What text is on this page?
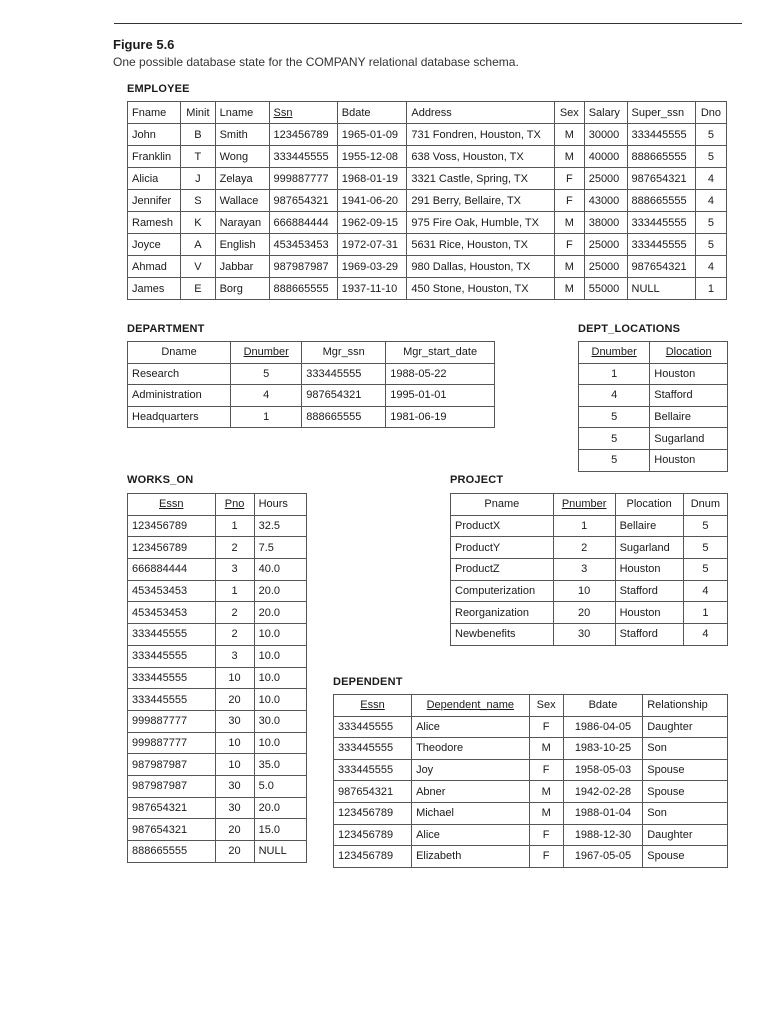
Figure 5.6
One possible database state for the COMPANY relational database schema.
EMPLOYEE
Fname	Minit	Lname	Ssn	Bdate	Address	Sex	Salary	Super_ssn	Dno
John	B	Smith	123456789	1965-01-09	731 Fondren, Houston, TX	M	30000	333445555	5
Franklin	T	Wong	333445555	1955-12-08	638 Voss, Houston, TX	M	40000	888665555	5
Alicia	J	Zelaya	999887777	1968-01-19	3321 Castle, Spring, TX	F	25000	987654321	4
Jennifer	S	Wallace	987654321	1941-06-20	291 Berry, Bellaire, TX	F	43000	888665555	4
Ramesh	K	Narayan	666884444	1962-09-15	975 Fire Oak, Humble, TX	M	38000	333445555	5
Joyce	A	English	453453453	1972-07-31	5631 Rice, Houston, TX	F	25000	333445555	5
Ahmad	V	Jabbar	987987987	1969-03-29	980 Dallas, Houston, TX	M	25000	987654321	4
James	E	Borg	888665555	1937-11-10	450 Stone, Houston, TX	M	55000	NULL	1
DEPARTMENT
Dname	Dnumber	Mgr_ssn	Mgr_start_date
Research	5	333445555	1988-05-22
Administration	4	987654321	1995-01-01
Headquarters	1	888665555	1981-06-19
DEPT_LOCATIONS
Dnumber	Dlocation
1	Houston
4	Stafford
5	Bellaire
5	Sugarland
5	Houston
WORKS_ON
Essn	Pno	Hours
123456789	1	32.5
123456789	2	7.5
666884444	3	40.0
453453453	1	20.0
453453453	2	20.0
333445555	2	10.0
333445555	3	10.0
333445555	10	10.0
333445555	20	10.0
999887777	30	30.0
999887777	10	10.0
987987987	10	35.0
987987987	30	5.0
987654321	30	20.0
987654321	20	15.0
888665555	20	NULL
PROJECT
Pname	Pnumber	Plocation	Dnum
ProductX	1	Bellaire	5
ProductY	2	Sugarland	5
ProductZ	3	Houston	5
Computerization	10	Stafford	4
Reorganization	20	Houston	1
Newbenefits	30	Stafford	4
DEPENDENT
Essn	Dependent_name	Sex	Bdate	Relationship
333445555	Alice	F	1986-04-05	Daughter
333445555	Theodore	M	1983-10-25	Son
333445555	Joy	F	1958-05-03	Spouse
987654321	Abner	M	1942-02-28	Spouse
123456789	Michael	M	1988-01-04	Son
123456789	Alice	F	1988-12-30	Daughter
123456789	Elizabeth	F	1967-05-05	Spouse
